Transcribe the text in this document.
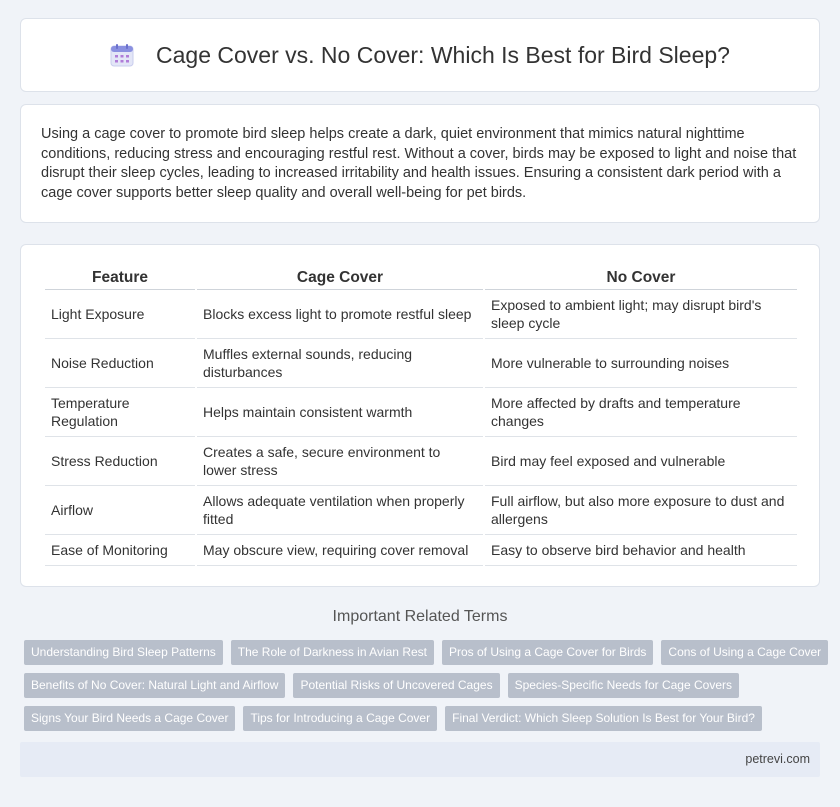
Cage Cover vs. No Cover: Which Is Best for Bird Sleep?

Using a cage cover to promote bird sleep helps create a dark, quiet environment that mimics natural nighttime conditions, reducing stress and encouraging restful rest. Without a cover, birds may be exposed to light and noise that disrupt their sleep cycles, leading to increased irritability and health issues. Ensuring a consistent dark period with a cage cover supports better sleep quality and overall well-being for pet birds.

Feature	Cage Cover	No Cover
Light Exposure	Blocks excess light to promote restful sleep	Exposed to ambient light; may disrupt bird's sleep cycle
Noise Reduction	Muffles external sounds, reducing disturbances	More vulnerable to surrounding noises
Temperature Regulation	Helps maintain consistent warmth	More affected by drafts and temperature changes
Stress Reduction	Creates a safe, secure environment to lower stress	Bird may feel exposed and vulnerable
Airflow	Allows adequate ventilation when properly fitted	Full airflow, but also more exposure to dust and allergens
Ease of Monitoring	May obscure view, requiring cover removal	Easy to observe bird behavior and health
Important Related Terms
Understanding Bird Sleep Patterns	The Role of Darkness in Avian Rest	Pros of Using a Cage Cover for Birds	Cons of Using a Cage Cover
Benefits of No Cover: Natural Light and Airflow	Potential Risks of Uncovered Cages	Species-Specific Needs for Cage Covers
Signs Your Bird Needs a Cage Cover	Tips for Introducing a Cage Cover	Final Verdict: Which Sleep Solution Is Best for Your Bird?
petrevi.com
